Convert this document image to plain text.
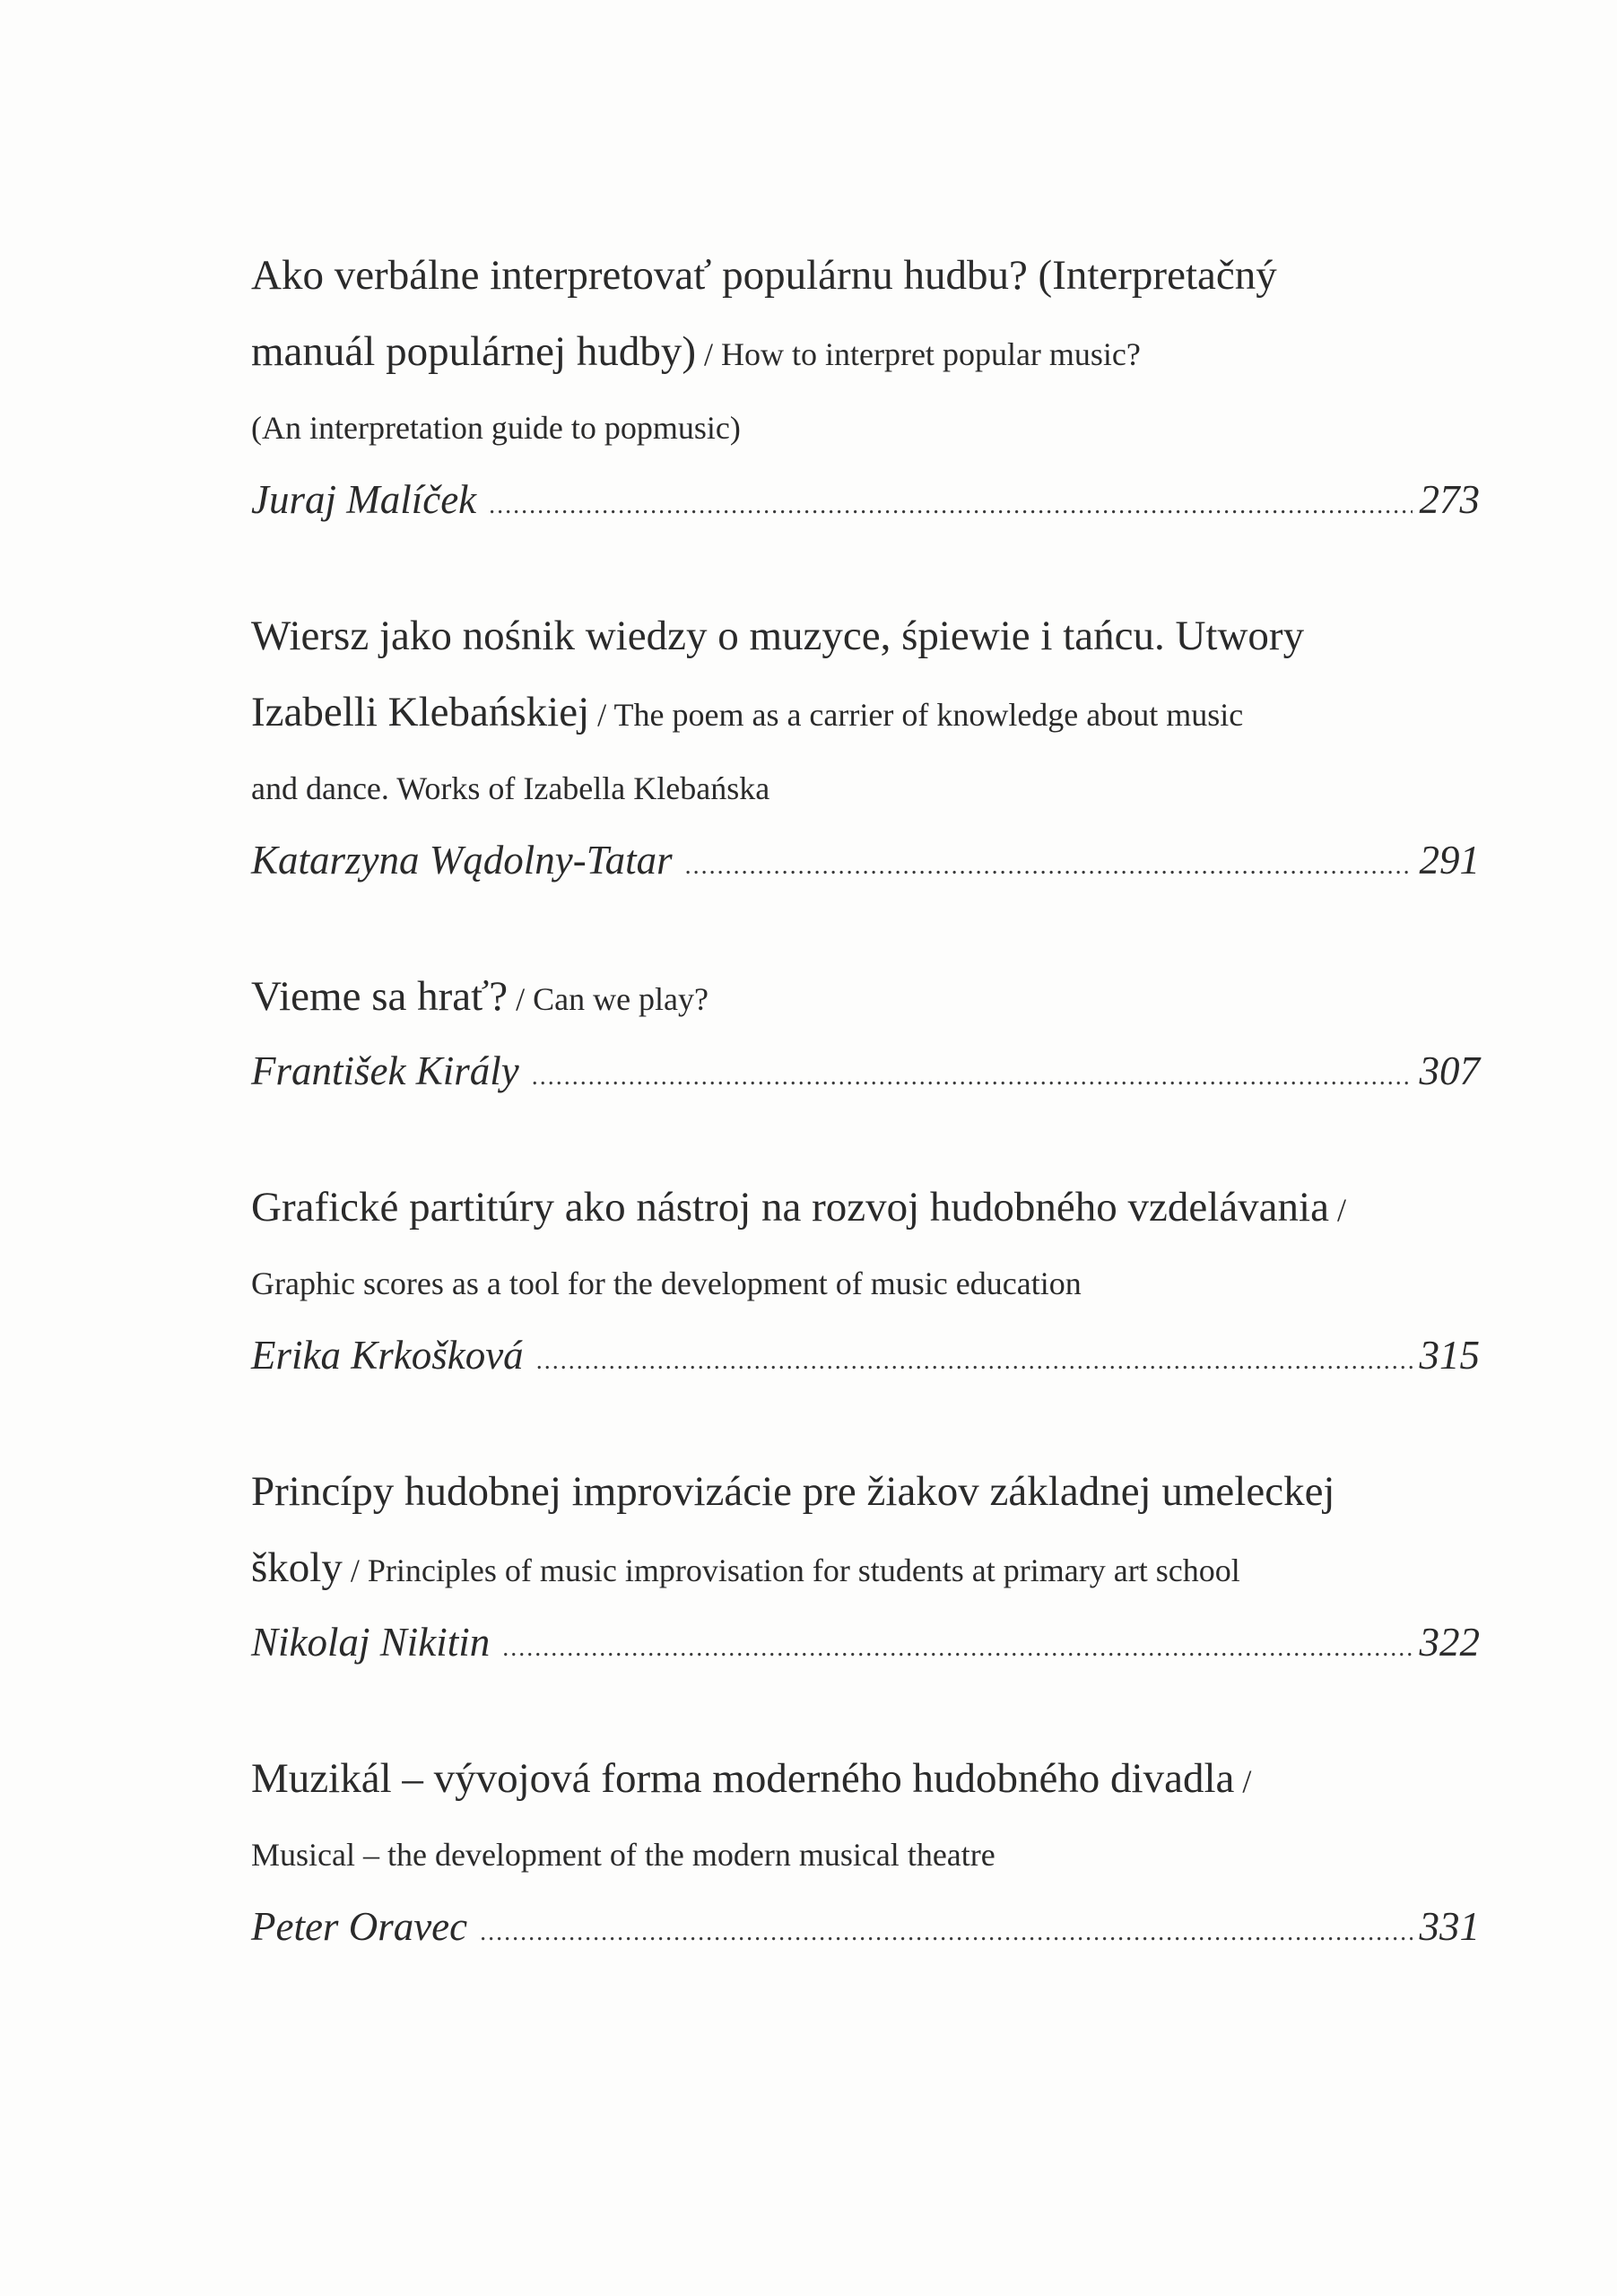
Ako verbálne interpretovať populárnu hudbu? (Interpretačný

manuál populárnej hudby) / How to interpret popular music?

(An interpretation guide to popmusic)

Juraj Malíček .....	273

Wiersz jako nośnik wiedzy o muzyce, śpiewie i tańcu. Utwory

Izabelli Klebańskiej / The poem as a carrier of knowledge about music

and dance. Works of Izabella Klebańska

Katarzyna Wądolny-Tatar .....	291

Vieme sa hrať? / Can we play?

František Király .....	307

Grafické partitúry ako nástroj na rozvoj hudobného vzdelávania /

Graphic scores as a tool for the development of music education

Erika Krkošková .....	315

Princípy hudobnej improvizácie pre žiakov základnej umeleckej

školy / Principles of music improvisation for students at primary art school

Nikolaj Nikitin .....	322

Muzikál – vývojová forma moderného hudobného divadla /

Musical – the development of the modern musical theatre

Peter Oravec .....	331
